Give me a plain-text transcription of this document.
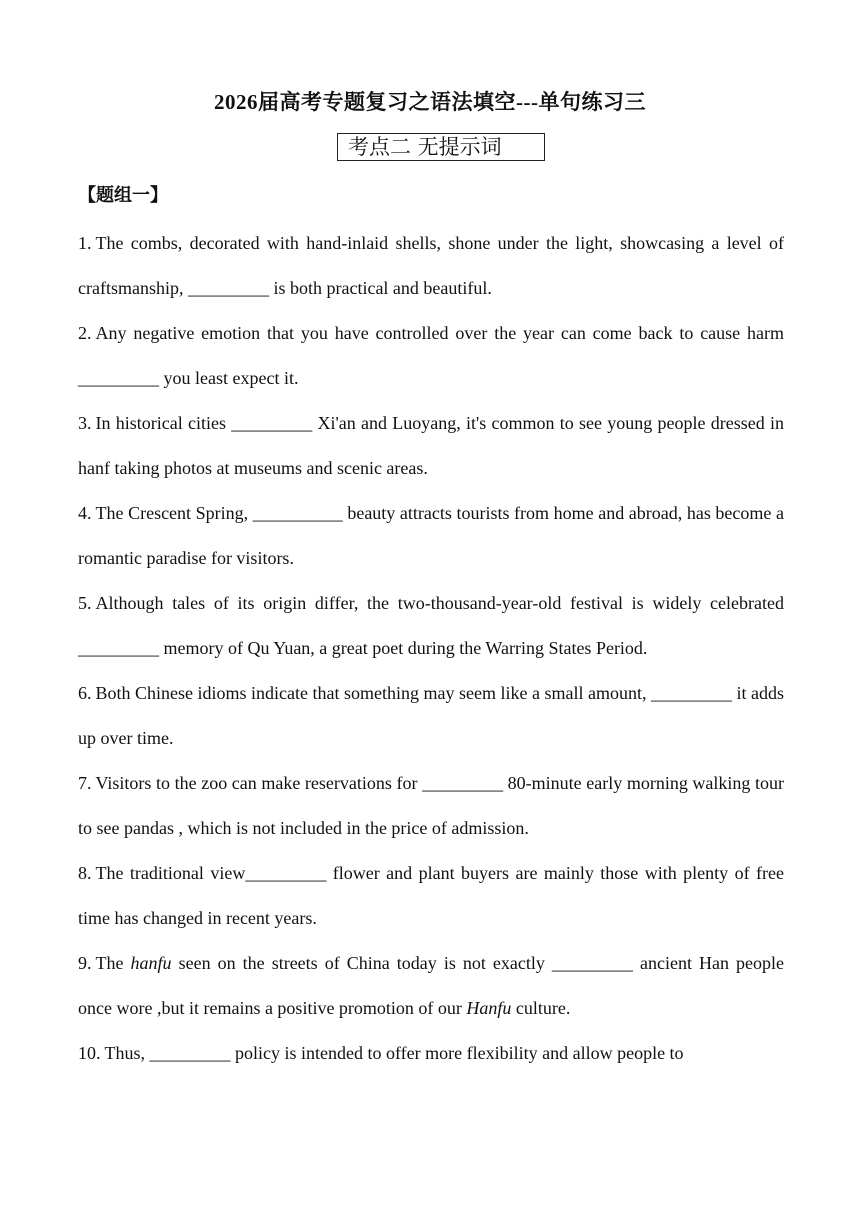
2026届高考专题复习之语法填空---单句练习三
考点二 无提示词
【题组一】

1. The combs, decorated with hand-inlaid shells, shone under the light, showcasing a level of craftsmanship, _________ is both practical and beautiful.

2. Any negative emotion that you have controlled over the year can come back to cause harm _________ you least expect it.

3. In historical cities _________ Xi'an and Luoyang, it's common to see young people dressed in hanf taking photos at museums and scenic areas.

4. The Crescent Spring, __________ beauty attracts tourists from home and abroad, has become a romantic paradise for visitors.

5. Although tales of its origin differ, the two-thousand-year-old festival is widely celebrated _________ memory of Qu Yuan, a great poet during the Warring States Period.

6. Both Chinese idioms indicate that something may seem like a small amount, _________ it adds up over time.

7. Visitors to the zoo can make reservations for _________ 80-minute early morning walking tour to see pandas , which is not included in the price of admission.

8. The traditional view_________ flower and plant buyers are mainly those with plenty of free time has changed in recent years.

9. The hanfu seen on the streets of China today is not exactly _________ ancient Han people once wore ,but it remains a positive promotion of our Hanfu culture.

10. Thus, _________ policy is intended to offer more flexibility and allow people to
